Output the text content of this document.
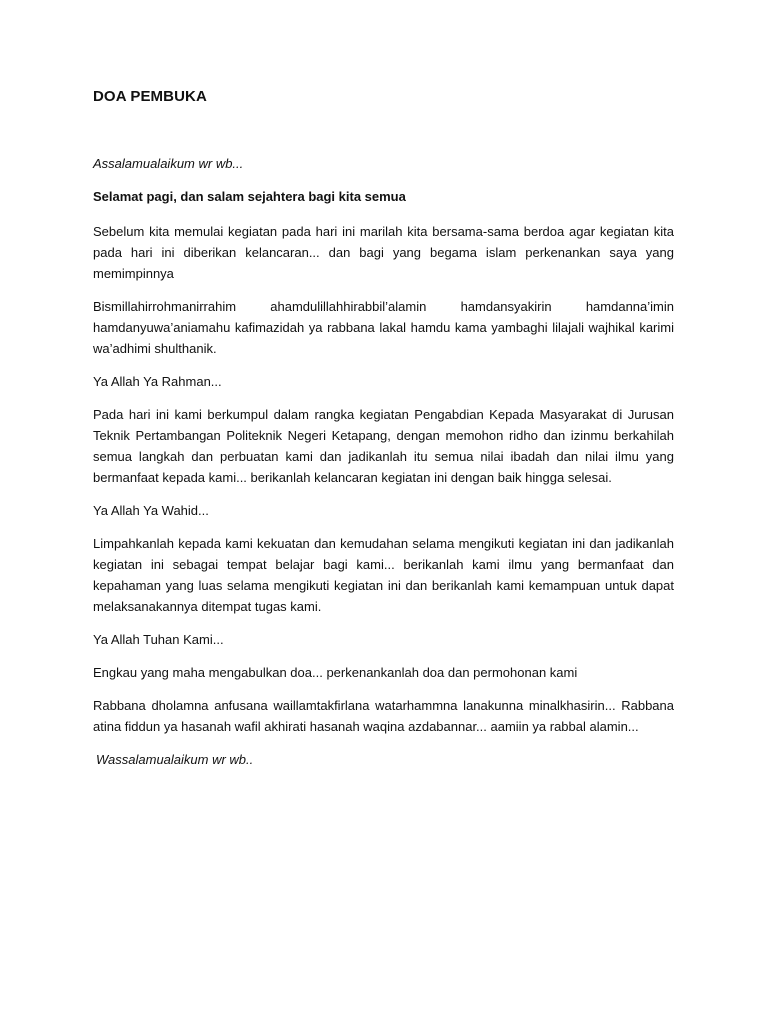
DOA PEMBUKA

Assalamualaikum wr wb...

Selamat pagi, dan salam sejahtera bagi kita semua

Sebelum kita memulai kegiatan pada hari ini marilah kita bersama-sama berdoa agar kegiatan kita pada hari ini diberikan kelancaran... dan bagi yang begama islam perkenankan saya yang memimpinnya

Bismillahirrohmanirrahim ahamdulillahhirabbil’alamin hamdansyakirin hamdanna’imin hamdanyuwa’aniamahu kafimazidah ya rabbana lakal hamdu kama yambaghi lilajali wajhikal karimi wa’adhimi shulthanik.

Ya Allah Ya Rahman...

Pada hari ini kami berkumpul dalam rangka kegiatan Pengabdian Kepada Masyarakat di Jurusan Teknik Pertambangan Politeknik Negeri Ketapang, dengan memohon ridho dan izinmu berkahilah semua langkah dan perbuatan kami dan jadikanlah itu semua nilai ibadah dan nilai ilmu yang bermanfaat kepada kami... berikanlah kelancaran kegiatan ini dengan baik hingga selesai.

Ya Allah Ya Wahid...

Limpahkanlah kepada kami kekuatan dan kemudahan selama mengikuti kegiatan ini dan jadikanlah kegiatan ini sebagai tempat belajar bagi kami... berikanlah kami ilmu yang bermanfaat dan kepahaman yang luas selama mengikuti kegiatan ini dan berikanlah kami kemampuan untuk dapat melaksanakannya ditempat tugas kami.

Ya Allah Tuhan Kami...

Engkau yang maha mengabulkan doa... perkenankanlah doa dan permohonan kami

Rabbana dholamna anfusana waillamtakfirlana watarhammna lanakunna minalkhasirin... Rabbana atina fiddun ya hasanah wafil akhirati hasanah waqina azdabannar... aamiin ya rabbal alamin...

Wassalamualaikum wr wb..
